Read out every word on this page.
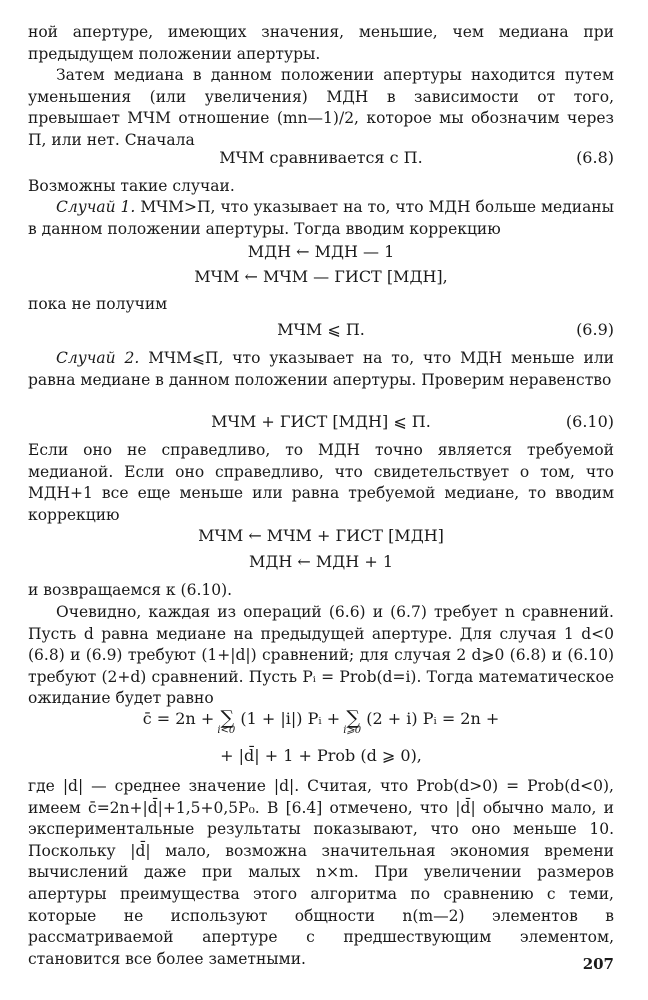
ной апертуре, имеющих значения, меньшие, чем медиана при предыдущем положении апертуры.

Затем медиана в данном положении апертуры находится путем уменьшения (или увеличения) МДН в зависимости от того, превышает МЧМ отношение (mn—1)/2, которое мы обозначим через П, или нет. Сначала

МЧМ сравнивается с П.	(6.8)

Возможны такие случаи.

Случай 1. МЧМ>П, что указывает на то, что МДН больше медианы в данном положении апертуры. Тогда вводим коррекцию

МДН ← МДН — 1
МЧМ ← МЧМ — ГИСТ [МДН],

пока не получим

МЧМ ⩽ П.	(6.9)

Случай 2. МЧМ⩽П, что указывает на то, что МДН меньше или равна медиане в данном положении апертуры. Проверим неравенство

МЧМ + ГИСТ [МДН] ⩽ П.	(6.10)

Если оно не справедливо, то МДН точно является требуемой медианой. Если оно справедливо, что свидетельствует о том, что МДН+1 все еще меньше или равна требуемой медиане, то вводим коррекцию

МЧМ ← МЧМ + ГИСТ [МДН]
МДН ← МДН + 1

и возвращаемся к (6.10).

Очевидно, каждая из операций (6.6) и (6.7) требует n сравнений. Пусть d равна медиане на предыдущей апертуре. Для случая 1 d<0 (6.8) и (6.9) требуют (1+|d|) сравнений; для случая 2 d⩾0 (6.8) и (6.10) требуют (2+d) сравнений. Пусть Pᵢ = Prob(d=i). Тогда математическое ожидание будет равно

c̄ = 2n + ∑
i<0
(1 + |i|) Pᵢ + ∑
i⩾0
(2 + i) Pᵢ = 2n +
+ |d̄| + 1 + Prob (d ⩾ 0),

где |d| — среднее значение |d|. Считая, что Prob(d>0) = Prob(d<0), имеем c̄=2n+|d̄|+1,5+0,5P₀. В [6.4] отмечено, что |d̄| обычно мало, и экспериментальные результаты показывают, что оно меньше 10. Поскольку |d̄| мало, возможна значительная экономия времени вычислений даже при малых n×m. При увеличении размеров апертуры преимущества этого алгоритма по сравнению с теми, которые не используют общности n(m—2) элементов в рассматриваемой апертуре с предшествующим элементом, становится все более заметными.	207
